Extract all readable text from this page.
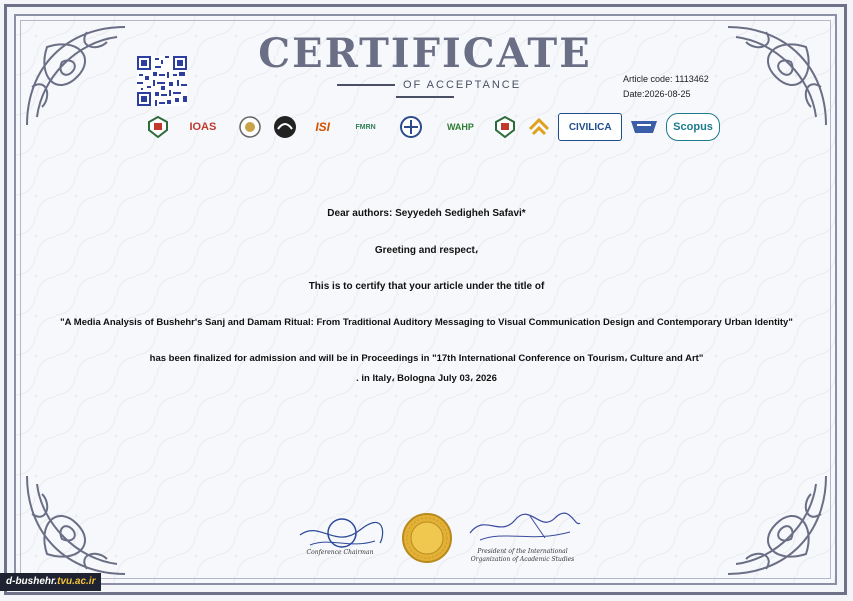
CERTIFICATE
OF ACCEPTANCE	Article code: 1113462
Date:2026-08-25
IOAS	ISI	FMRN	WAHP	CIVILICA	Scopus
Dear authors: Seyyedeh Sedigheh Safavi*
Greeting and respect،
This is to certify that your article under the title of
"A Media Analysis of Bushehr's Sanj and Damam Ritual: From Traditional Auditory Messaging to Visual Communication Design and Contemporary Urban Identity"
has been finalized for admission and will be in Proceedings in "17th International Conference on Tourism، Culture and Art"
. in Italy، Bologna July 03، 2026
Conference Chairman	President of the International
Organization of Academic Studies
d-bushehr.tvu.ac.ir
